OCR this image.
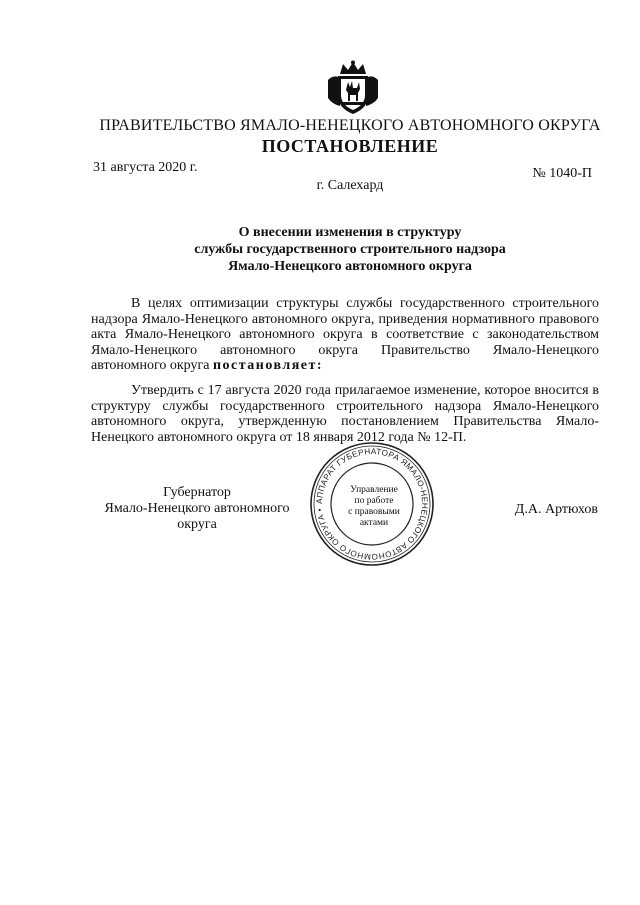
ПРАВИТЕЛЬСТВО ЯМАЛО-НЕНЕЦКОГО АВТОНОМНОГО ОКРУГА
ПОСТАНОВЛЕНИЕ
31 августа 2020 г.	№ 1040-П
г. Салехард
О внесении изменения в структуру
службы государственного строительного надзора
Ямало-Ненецкого автономного округа
В целях оптимизации структуры службы государственного строительного надзора Ямало-Ненецкого автономного округа, приведения нормативного правового акта Ямало-Ненецкого автономного округа в соответствие с законодательством Ямало-Ненецкого автономного округа Правительство Ямало-Ненецкого автономного округа постановляет:
Утвердить с 17 августа 2020 года прилагаемое изменение, которое вносится в структуру службы государственного строительного надзора Ямало-Ненецкого автономного округа, утвержденную постановлением Правительства Ямало-Ненецкого автономного округа от 18 января 2012 года № 12-П.
Губернатор
Ямало-Ненецкого автономного округа
АППАРАТ ГУБЕРНАТОРА ЯМАЛО-НЕНЕЦКОГО АВТОНОМНОГО ОКРУГА •
Управление
по работе
с правовыми
актами
Д.А. Артюхов
